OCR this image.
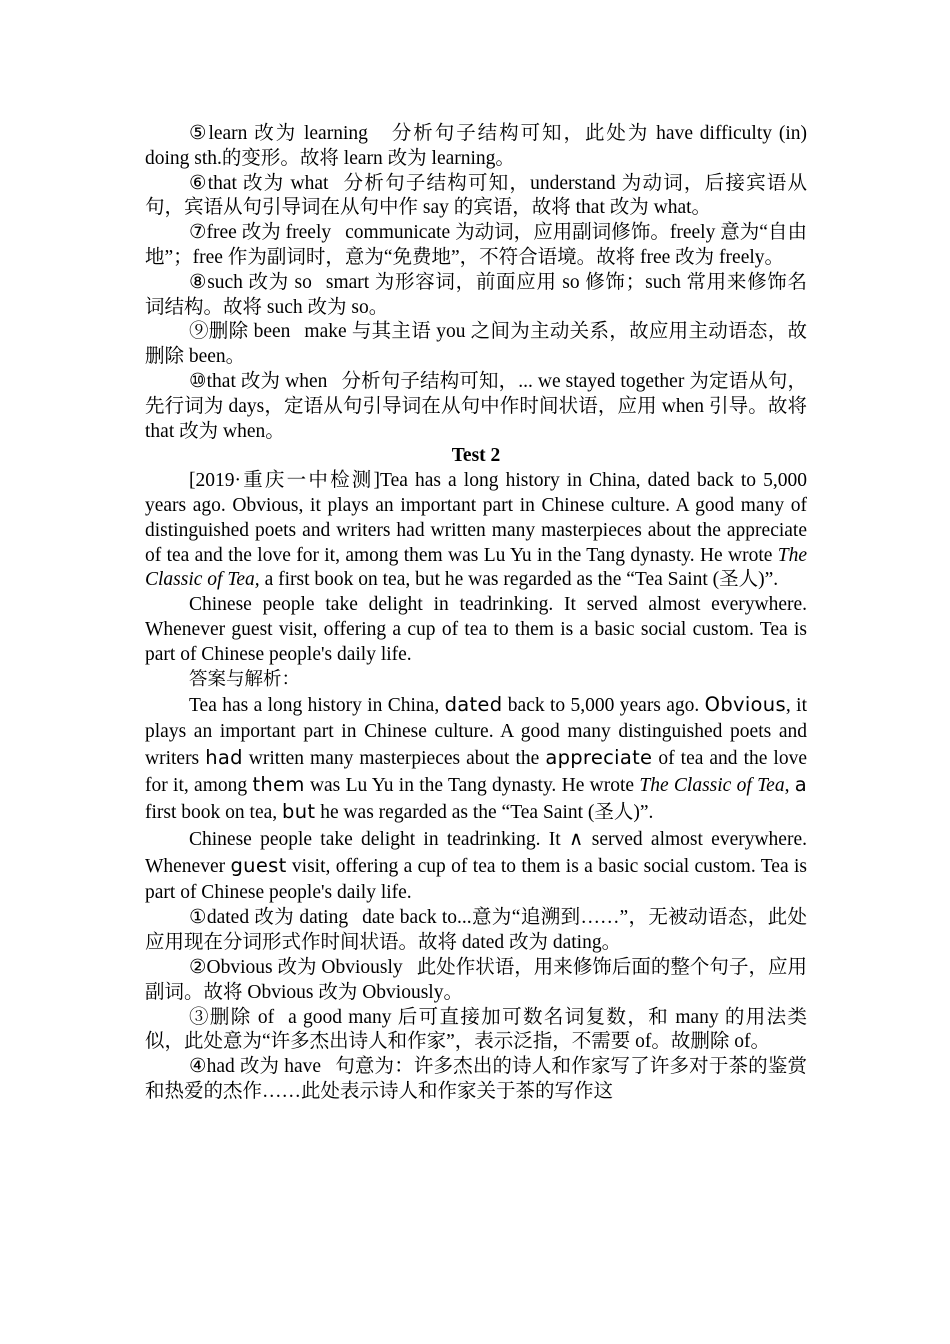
⑤learn 改为 learning 分析句子结构可知，此处为 have difficulty (in) doing sth.的变形。故将 learn 改为 learning。

⑥that 改为 what 分析句子结构可知，understand 为动词，后接宾语从句，宾语从句引导词在从句中作 say 的宾语，故将 that 改为 what。

⑦free 改为 freely communicate 为动词，应用副词修饰。freely 意为“自由地”；free 作为副词时，意为“免费地”，不符合语境。故将 free 改为 freely。

⑧such 改为 so smart 为形容词，前面应用 so 修饰；such 常用来修饰名词结构。故将 such 改为 so。

⑨删除 been make 与其主语 you 之间为主动关系，故应用主动语态，故删除 been。

⑩that 改为 when 分析句子结构可知，... we stayed together 为定语从句，先行词为 days，定语从句引导词在从句中作时间状语，应用 when 引导。故将 that 改为 when。

Test 2

[2019·重庆一中检测]Tea has a long history in China, dated back to 5,000 years ago. Obvious, it plays an important part in Chinese culture. A good many of distinguished poets and writers had written many masterpieces about the appreciate of tea and the love for it, among them was Lu Yu in the Tang dynasty. He wrote The Classic of Tea, a first book on tea, but he was regarded as the “Tea Saint (圣人)”.

Chinese people take delight in teadrinking. It served almost everywhere. Whenever guest visit, offering a cup of tea to them is a basic social custom. Tea is part of Chinese people's daily life.

答案与解析：

Tea has a long history in China, dated back to 5,000 years ago. Obvious, it plays an important part in Chinese culture. A good many distinguished poets and writers had written many masterpieces about the appreciate of tea and the love for it, among them was Lu Yu in the Tang dynasty. He wrote The Classic of Tea, a first book on tea, but he was regarded as the “Tea Saint (圣人)”.

Chinese people take delight in teadrinking. It ∧ served almost everywhere. Whenever guest visit, offering a cup of tea to them is a basic social custom. Tea is part of Chinese people's daily life.

①dated 改为 dating date back to...意为“追溯到……”，无被动语态，此处应用现在分词形式作时间状语。故将 dated 改为 dating。

②Obvious 改为 Obviously 此处作状语，用来修饰后面的整个句子，应用副词。故将 Obvious 改为 Obviously。

③删除 of a good many 后可直接加可数名词复数，和 many 的用法类似，此处意为“许多杰出诗人和作家”，表示泛指，不需要 of。故删除 of。

④had 改为 have 句意为：许多杰出的诗人和作家写了许多对于茶的鉴赏和热爱的杰作……此处表示诗人和作家关于茶的写作这
